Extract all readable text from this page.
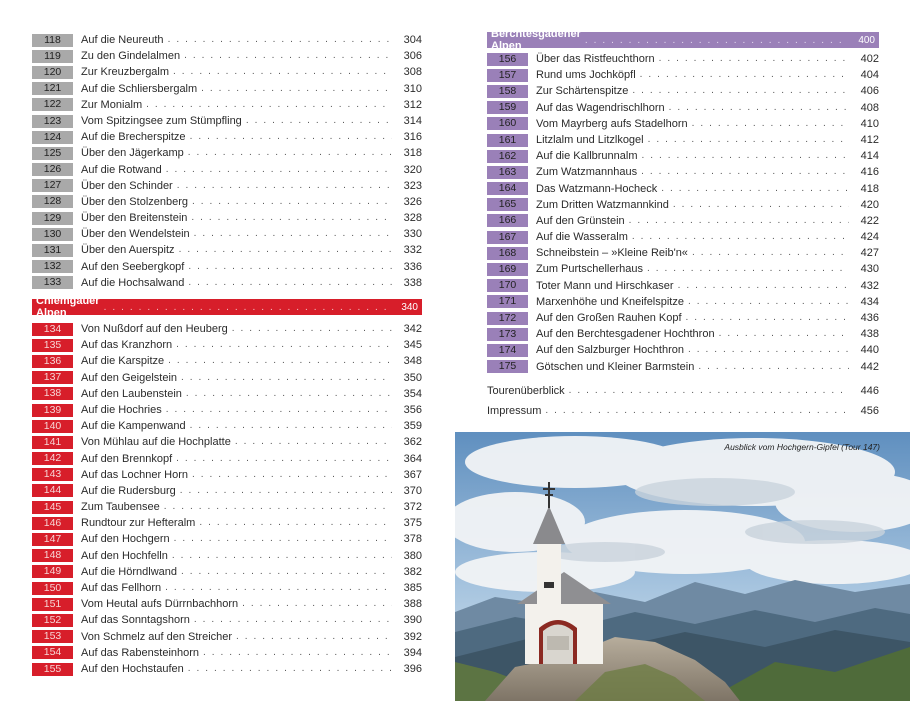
118	Auf die Neureuth . . .	304
119	Zu den Gindelalmen . . .	306
120	Zur Kreuzbergalm . . .	308
121	Auf die Schliersbergalm . . .	310
122	Zur Monialm . . .	312
123	Vom Spitzingsee zum Stümpfling . . .	314
124	Auf die Brecherspitze . . .	316
125	Über den Jägerkamp . . .	318
126	Auf die Rotwand . . .	320
127	Über den Schinder . . .	323
128	Über den Stolzenberg . . .	326
129	Über den Breitenstein . . .	328
130	Über den Wendelstein . . .	330
131	Über den Auerspitz . . .	332
132	Auf den Seebergkopf . . .	336
133	Auf die Hochsalwand . . .	338
Chiemgauer Alpen . . .	340
134	Von Nußdorf auf den Heuberg . . .	342
135	Auf das Kranzhorn . . .	345
136	Auf die Karspitze . . .	348
137	Auf den Geigelstein . . .	350
138	Auf den Laubenstein . . .	354
139	Auf die Hochries . . .	356
140	Auf die Kampenwand . . .	359
141	Von Mühlau auf die Hochplatte . . .	362
142	Auf den Brennkopf . . .	364
143	Auf das Lochner Horn . . .	367
144	Auf die Rudersburg . . .	370
145	Zum Taubensee . . .	372
146	Rundtour zur Hefteralm . . .	375
147	Auf den Hochgern . . .	378
148	Auf den Hochfelln . . .	380
149	Auf die Hörndlwand . . .	382
150	Auf das Fellhorn . . .	385
151	Vom Heutal aufs Dürrnbachhorn . . .	388
152	Auf das Sonntagshorn . . .	390
153	Von Schmelz auf den Streicher . . .	392
154	Auf das Rabensteinhorn . . .	394
155	Auf den Hochstaufen . . .	396
Berchtesgadener Alpen . . .	400
156	Über das Ristfeuchthorn . . .	402
157	Rund ums Jochköpfl . . .	404
158	Zur Schärtenspitze . . .	406
159	Auf das Wagendrischlhorn . . .	408
160	Vom Mayrberg aufs Stadelhorn . . .	410
161	Litzlalm und Litzlkogel . . .	412
162	Auf die Kallbrunnalm . . .	414
163	Zum Watzmannhaus . . .	416
164	Das Watzmann-Hocheck . . .	418
165	Zum Dritten Watzmannkind . . .	420
166	Auf den Grünstein . . .	422
167	Auf die Wasseralm . . .	424
168	Schneibstein – »Kleine Reib'n« . . .	427
169	Zum Purtschellerhaus . . .	430
170	Toter Mann und Hirschkaser . . .	432
171	Marxenhöhe und Kneifelspitze . . .	434
172	Auf den Großen Rauhen Kopf . . .	436
173	Auf den Berchtesgadener Hochthron . . .	438
174	Auf den Salzburger Hochthron . . .	440
175	Götschen und Kleiner Barmstein . . .	442
Tourenüberblick . . .	446
Impressum . . .	456
Ausblick vom Hochgern-Gipfel (Tour 147)
